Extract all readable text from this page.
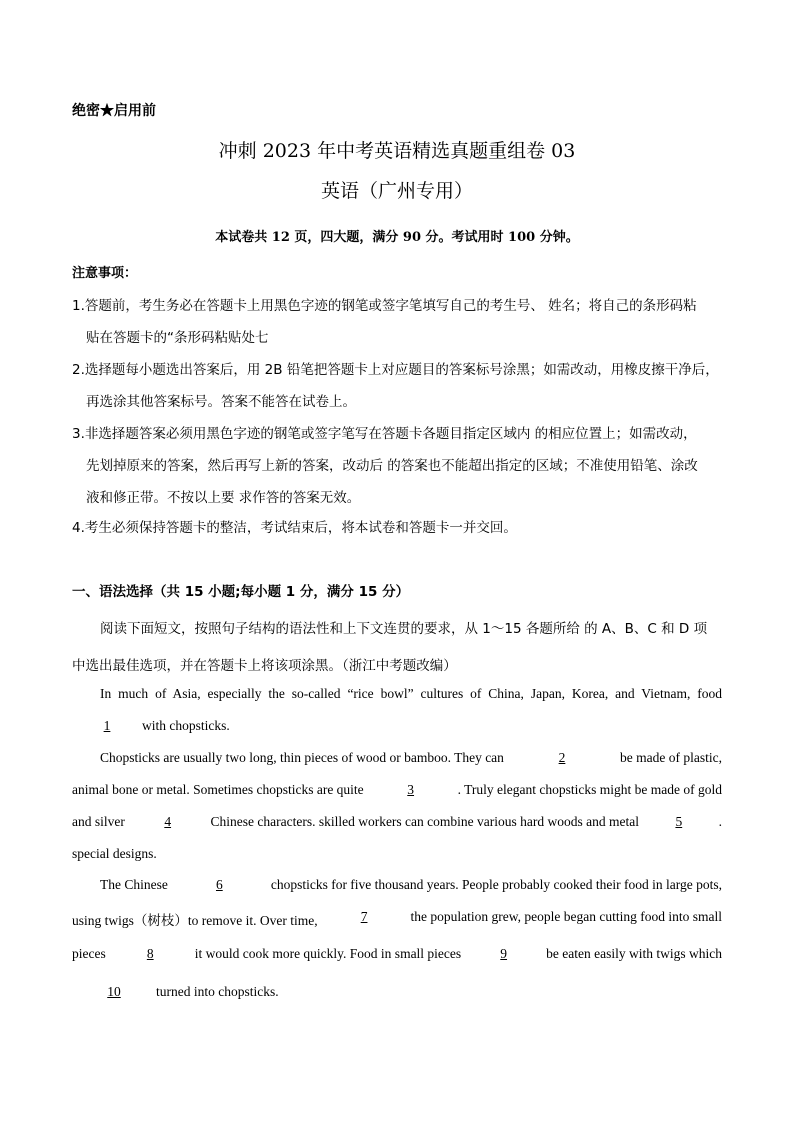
绝密★启用前
冲刺 2023 年中考英语精选真题重组卷 03
英语（广州专用）
本试卷共 12 页，四大题，满分 90 分。考试用时 100 分钟。
注意事项：
1.答题前，考生务必在答题卡上用黑色字迹的钢笔或签字笔填写自己的考生号、 姓名；将自己的条形码粘
贴在答题卡的“条形码粘贴处七
2.选择题每小题选出答案后，用 2B 铅笔把答题卡上对应题目的答案标号涂黑；如需改动，用橡皮擦干净后，
再选涂其他答案标号。答案不能答在试卷上。
3.非选择题答案必须用黑色字迹的钢笔或签字笔写在答题卡各题目指定区域内 的相应位置上；如需改动，
先划掉原来的答案，然后再写上新的答案，改动后 的答案也不能超出指定的区域；不准使用铅笔、涂改
液和修正带。不按以上要 求作答的答案无效。
4.考生必须保持答题卡的整洁，考试结束后，将本试卷和答题卡一并交回。
一、语法选择（共 15 小题;每小题 1 分，满分 15 分）
阅读下面短文，按照句子结构的语法性和上下文连贯的要求，从 1～15 各题所给 的 A、B、C 和 D 项
中选出最佳选项，并在答题卡上将该项涂黑。（浙江中考题改编）
In much of Asia, especially the so-called “rice bowl” cultures of China, Japan, Korea, and Vietnam, food
1 with chopsticks.
Chopsticks are usually two long, thin pieces of wood or bamboo. They can	2	be made of plastic,
animal bone or metal. Sometimes chopsticks are quite	3	. Truly elegant chopsticks might be made of gold
and silver	4	Chinese characters. skilled workers can combine various hard woods and metal	5	.
special designs.
The Chinese	6	chopsticks for five thousand years. People probably cooked their food in large pots,
using twigs（树枝）to remove it. Over time,	7	the population grew, people began cutting food into small
pieces	8	it would cook more quickly. Food in small pieces	9	be eaten easily with twigs which
10	turned into chopsticks.
